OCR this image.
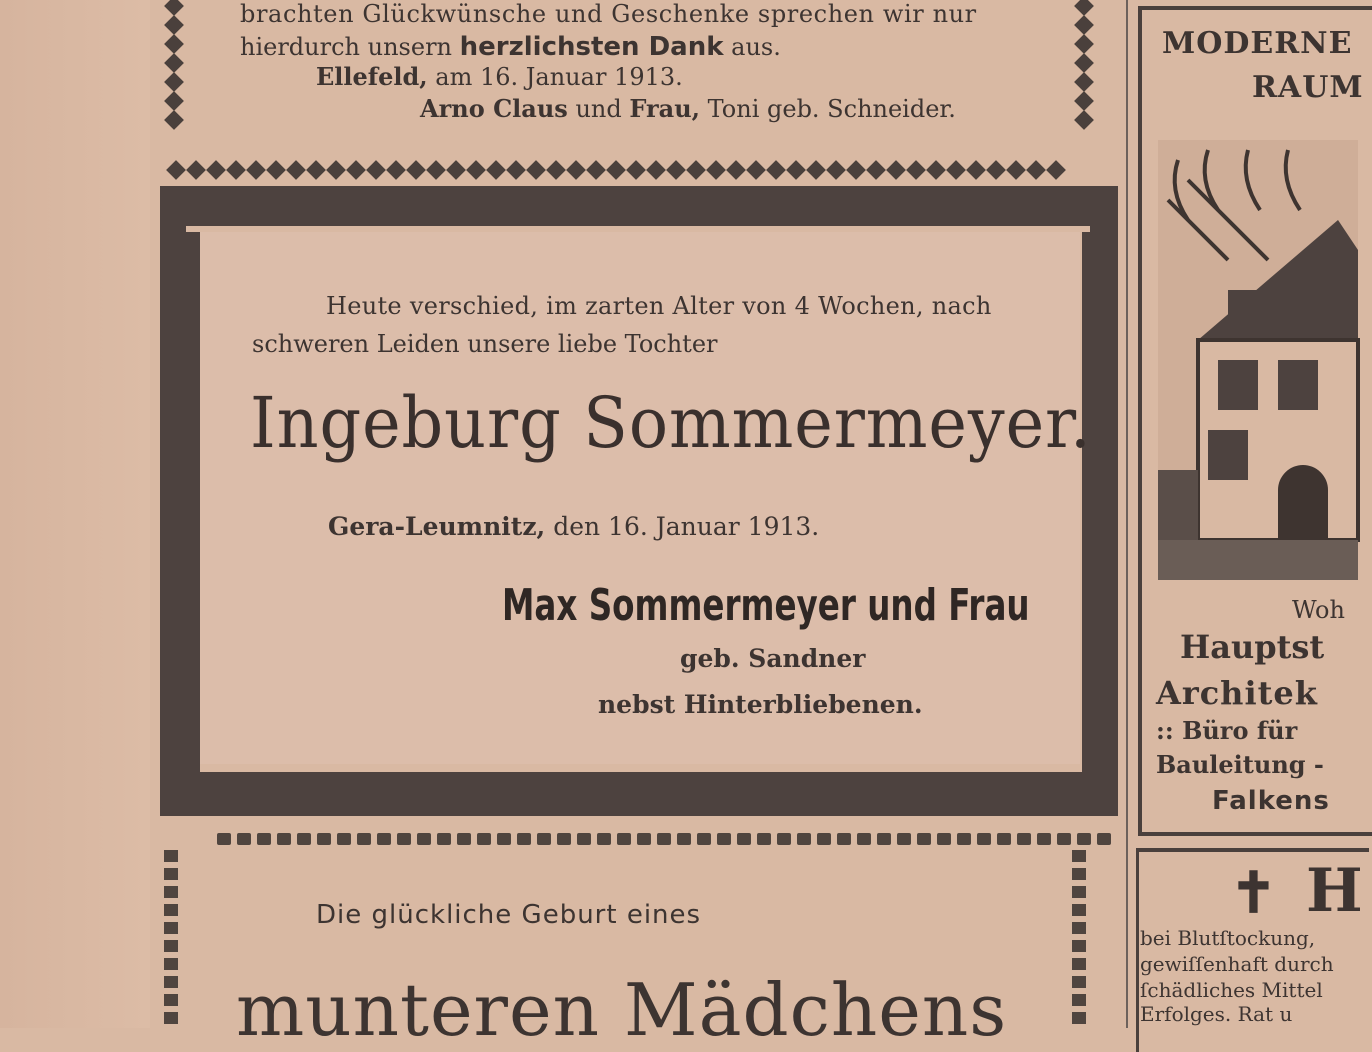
brachten Glückwünsche und Geschenke sprechen wir nur
hierdurch unsern herzlichsten Dank aus.
Ellefeld, am 16. Januar 1913.
Arno Claus und Frau, Toni geb. Schneider.
Heute verschied, im zarten Alter von 4 Wochen, nach
schweren Leiden unsere liebe Tochter
Ingeburg Sommermeyer.
Gera-Leumnitz, den 16. Januar 1913.
Max Sommermeyer und Frau
geb. Sandner
nebst Hinterbliebenen.
Die glückliche Geburt eines
munteren Mädchens
MODERNE
RAUM
Woh
Hauptst
Architek
:: Büro für
Bauleitung -
Falkens
✝ H
bei Blutſtockung,
gewiſſenhaft durch
ſchädliches Mittel
Erfolges. Rat u
